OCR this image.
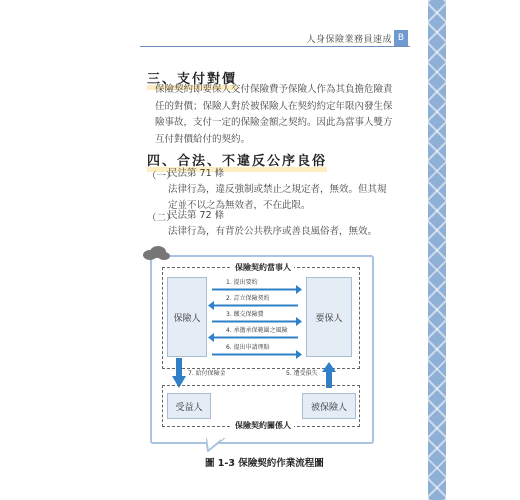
人身保險業務員速成 B
三、支付對價
保險契約即要保人交付保險費予保險人作為其負擔危險責任的對價；保險人對於被保險人在契約約定年限內發生保險事故，支付一定的保險金額之契約。因此為當事人雙方互付對價給付的契約。
四、合法、不違反公序良俗
（一）
民法第 71 條
法律行為，違反強制或禁止之規定者，無效。但其規定並不以之為無效者，不在此限。
（二）
民法第 72 條
法律行為，有背於公共秩序或善良風俗者，無效。
保險契約當事人
保險人	要保人
1. 提出要約
2. 訂立保險契約
3. 繳交保險費
4. 承擔承保範圍之風險
6. 提出申請理賠
7. 給付保險金	5. 遭受損失
受益人	被保險人
保險契約關係人
圖 1-3 保險契約作業流程圖
